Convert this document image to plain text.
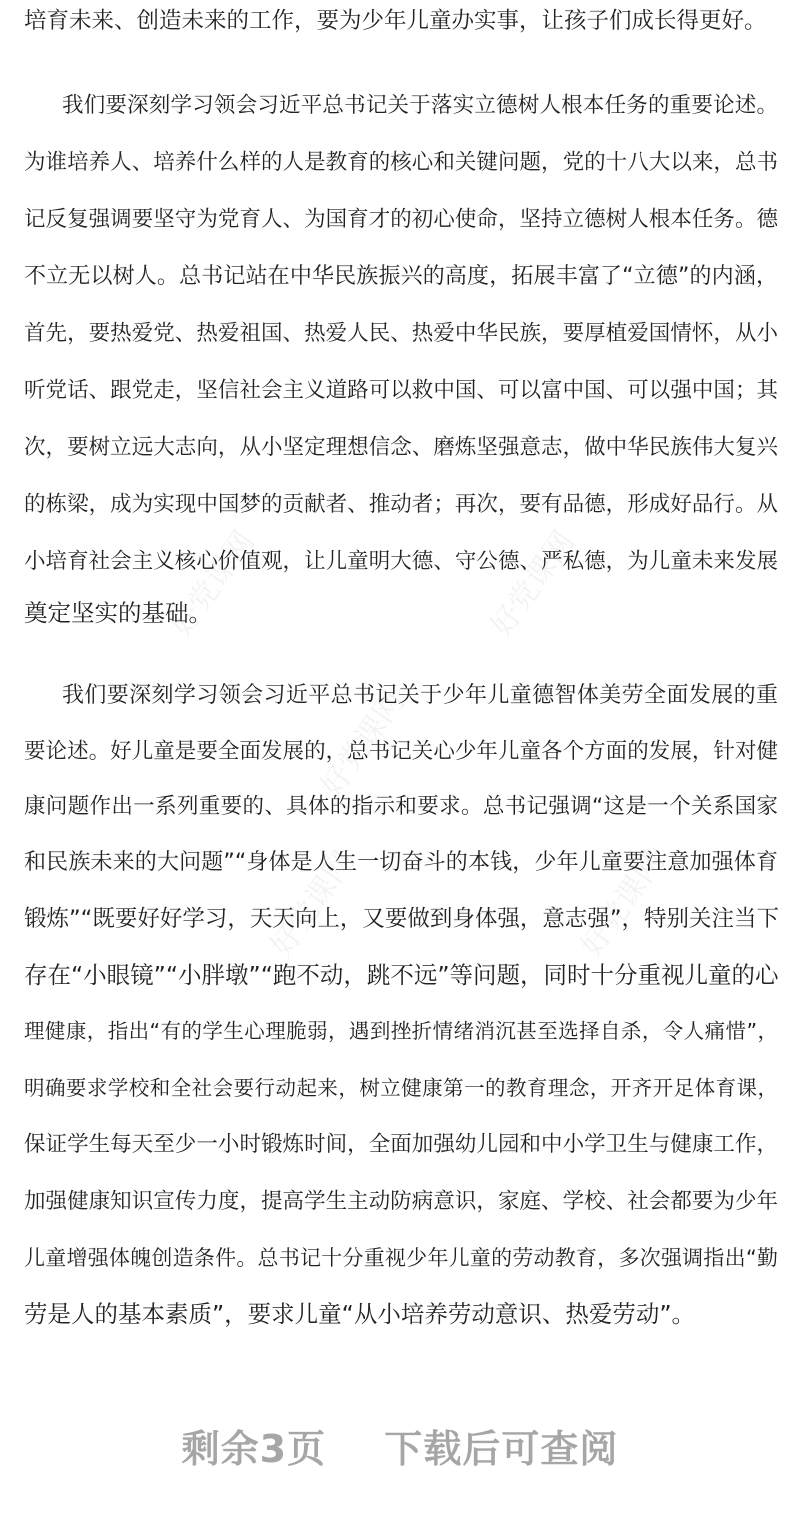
培育未来、创造未来的工作，要为少年儿童办实事，让孩子们成长得更好。
我们要深刻学习领会习近平总书记关于落实立德树人根本任务的重要论述。
为谁培养人、培养什么样的人是教育的核心和关键问题，党的十八大以来，总书
记反复强调要坚守为党育人、为国育才的初心使命，坚持立德树人根本任务。德
不立无以树人。总书记站在中华民族振兴的高度，拓展丰富了“立德”的内涵，
首先，要热爱党、热爱祖国、热爱人民、热爱中华民族，要厚植爱国情怀，从小
听党话、跟党走，坚信社会主义道路可以救中国、可以富中国、可以强中国；其
次，要树立远大志向，从小坚定理想信念、磨炼坚强意志，做中华民族伟大复兴
的栋梁，成为实现中国梦的贡献者、推动者；再次，要有品德，形成好品行。从
小培育社会主义核心价值观，让儿童明大德、守公德、严私德，为儿童未来发展
奠定坚实的基础。
我们要深刻学习领会习近平总书记关于少年儿童德智体美劳全面发展的重
要论述。好儿童是要全面发展的，总书记关心少年儿童各个方面的发展，针对健
康问题作出一系列重要的、具体的指示和要求。总书记强调“这是一个关系国家
和民族未来的大问题”“身体是人生一切奋斗的本钱，少年儿童要注意加强体育
锻炼”“既要好好学习，天天向上，又要做到身体强，意志强”，特别关注当下
存在“小眼镜”“小胖墩”“跑不动，跳不远”等问题，同时十分重视儿童的心
理健康，指出“有的学生心理脆弱，遇到挫折情绪消沉甚至选择自杀，令人痛惜”，
明确要求学校和全社会要行动起来，树立健康第一的教育理念，开齐开足体育课，
保证学生每天至少一小时锻炼时间，全面加强幼儿园和中小学卫生与健康工作，
加强健康知识宣传力度，提高学生主动防病意识，家庭、学校、社会都要为少年
儿童增强体魄创造条件。总书记十分重视少年儿童的劳动教育，多次强调指出“勤
劳是人的基本素质”，要求儿童“从小培养劳动意识、热爱劳动”。
剩余3页 下载后可查阅
好党课网	好党课网
好党课网	好党课网
好党课网
